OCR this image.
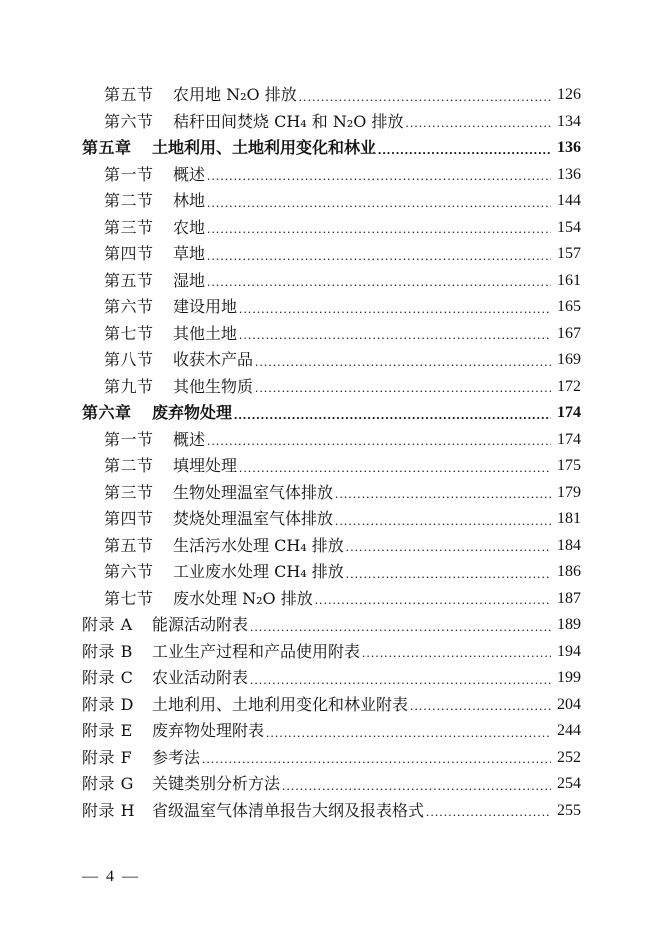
第五节	农用地 N₂O 排放 .....	126
第六节	秸秆田间焚烧 CH₄ 和 N₂O 排放 .....	134
第五章	土地利用、土地利用变化和林业 .....	136
第一节	概述 .....	136
第二节	林地 .....	144
第三节	农地 .....	154
第四节	草地 .....	157
第五节	湿地 .....	161
第六节	建设用地 .....	165
第七节	其他土地 .....	167
第八节	收获木产品 .....	169
第九节	其他生物质 .....	172
第六章	废弃物处理 .....	174
第一节	概述 .....	174
第二节	填埋处理 .....	175
第三节	生物处理温室气体排放 .....	179
第四节	焚烧处理温室气体排放 .....	181
第五节	生活污水处理 CH₄ 排放 .....	184
第六节	工业废水处理 CH₄ 排放 .....	186
第七节	废水处理 N₂O 排放 .....	187
附录 A	能源活动附表 .....	189
附录 B	工业生产过程和产品使用附表 .....	194
附录 C	农业活动附表 .....	199
附录 D	土地利用、土地利用变化和林业附表 .....	204
附录 E	废弃物处理附表 .....	244
附录 F	参考法 .....	252
附录 G	关键类别分析方法 .....	254
附录 H	省级温室气体清单报告大纲及报表格式 .....	255
— 4 —
